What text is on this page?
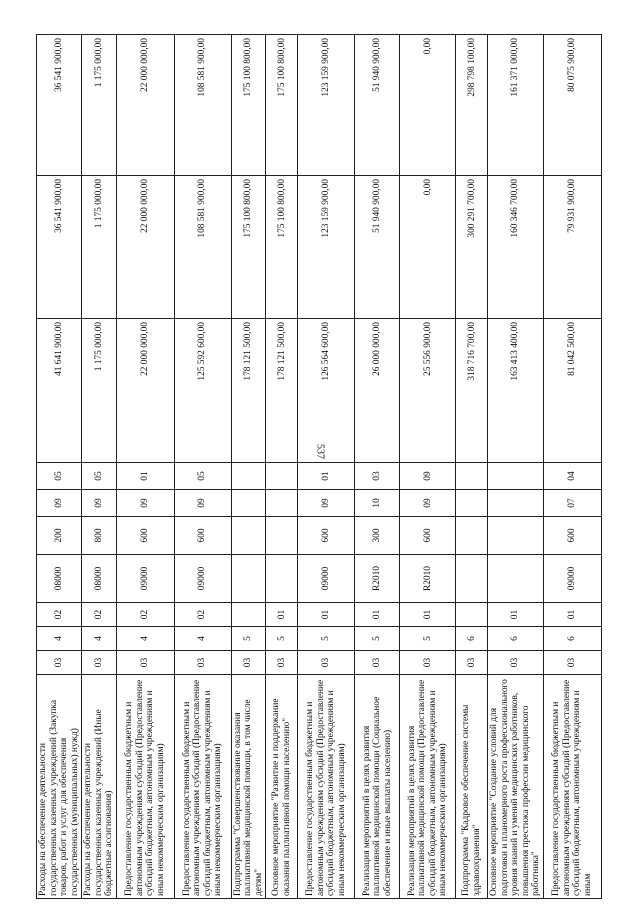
537
Расходы на обеспечение деятельности государственных казенных учреждений (Закупка товаров, работ и услуг для обеспечения государственных (муниципальных) нужд)	03	4	02	08000	200	09	05	41 641 900,00	36 541 900,00	36 541 900,00
Расходы на обеспечение деятельности государственных казенных учреждений (Иные бюджетные ассигнования)	03	4	02	08000	800	09	05	1 175 000,00	1 175 000,00	1 175 000,00
Предоставление государственным бюджетным и автономным учреждениям субсидий (Предоставление субсидий бюджетным, автономным учреждениям и иным некоммерческим организациям)	03	4	02	09000	600	09	01	22 000 000,00	22 000 000,00	22 000 000,00
Предоставление государственным бюджетным и автономным учреждениям субсидий (Предоставление субсидий бюджетным, автономным учреждениям и иным некоммерческим организациям)	03	4	02	09000	600	09	05	125 592 600,00	108 581 900,00	108 581 900,00
Подпрограмма "Совершенствование оказания паллиативной медицинской помощи, в том числе детям"	03	5						178 121 500,00	175 100 800,00	175 100 800,00
Основное мероприятие "Развитие и поддержание оказания паллиативной помощи населению"	03	5	01					178 121 500,00	175 100 800,00	175 100 800,00
Предоставление государственным бюджетным и автономным учреждениям субсидий (Предоставление субсидий бюджетным, автономным учреждениям и иным некоммерческим организациям)	03	5	01	09000	600	09	01	126 564 600,00	123 159 900,00	123 159 900,00
Реализация мероприятий в целях развития паллиативной медицинской помощи (Социальное обеспечение и иные выплаты населению)	03	5	01	R2010	300	10	03	26 000 000,00	51 940 900,00	51 940 900,00
Реализация мероприятий в целях развития паллиативной медицинской помощи (Предоставление субсидий бюджетным, автономным учреждениям и иным некоммерческим организациям)	03	5	01	R2010	600	09	09	25 556 900,00	0,00	0,00
Подпрограмма "Кадровое обеспечение системы здравоохранения"	03	6						318 716 700,00	300 291 700,00	298 798 100,00
Основное мероприятие "Создание условий для подготовки и планомерного роста профессионального уровня знаний и умений медицинских работников, повышения престижа профессии медицинского работника"	03	6	01					163 413 400,00	160 346 700,00	161 371 000,00
Предоставление государственным бюджетным и автономным учреждениям субсидий (Предоставление субсидий бюджетным, автономным учреждениям и иным	03	6	01	09000	600	07	04	81 042 500,00	79 931 900,00	80 075 900,00
